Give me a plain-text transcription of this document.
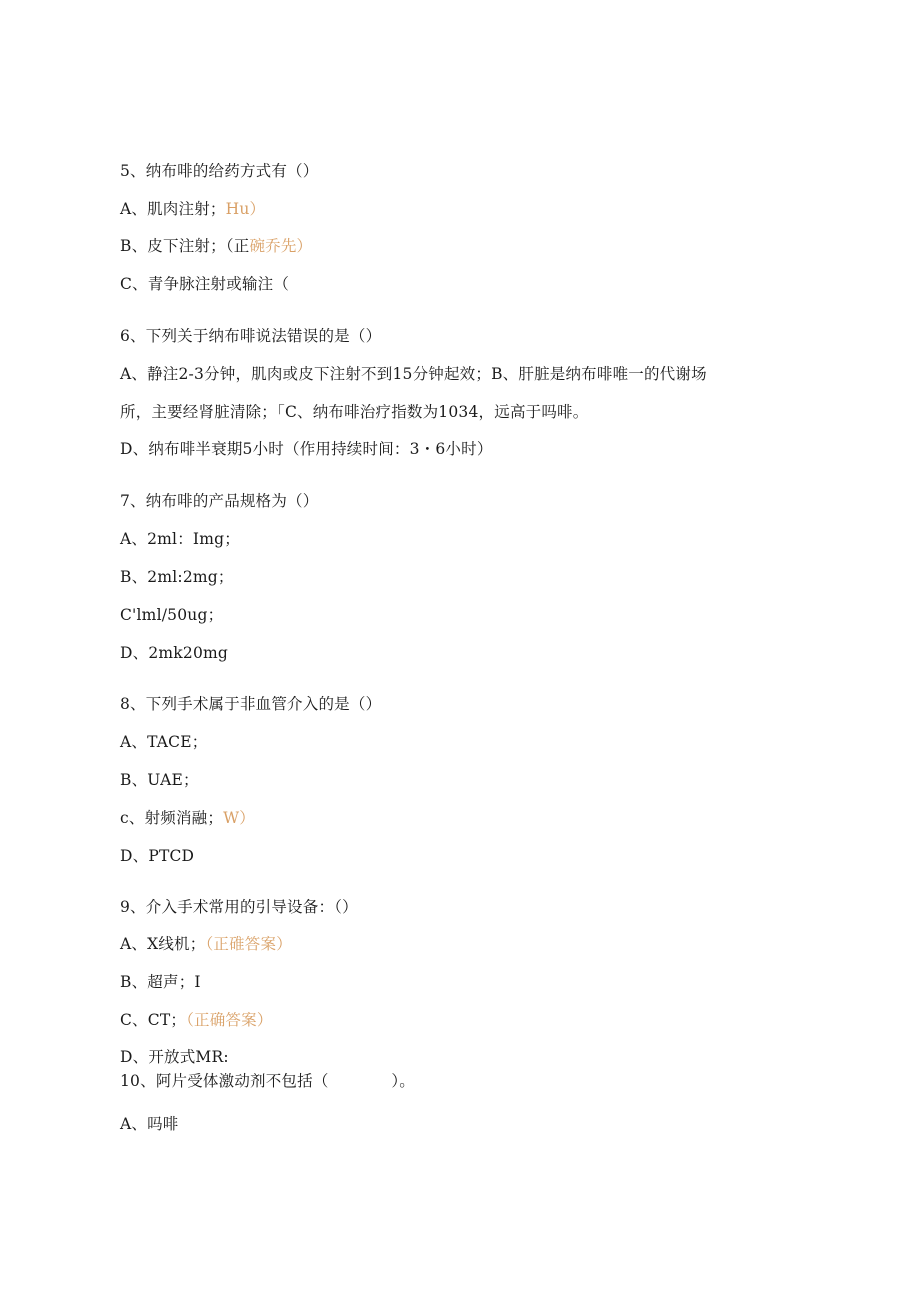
5、纳布啡的给药方式有（）
A、肌肉注射；Hu）
B、皮下注射；（正碗乔先）
C、青争脉注射或输注（
6、下列关于纳布啡说法错误的是（）
A、静注2-3分钟，肌肉或皮下注射不到15分钟起效；B、肝脏是纳布啡唯一的代谢场
所，主要经肾脏清除；「C、纳布啡治疗指数为1034，远高于吗啡。
D、纳布啡半衰期5小时（作用持续时间：3・6小时）
7、纳布啡的产品规格为（）
A、2ml：Img；
B、2ml:2mg；
C'lml/50ug；
D、2mk20mg
8、下列手术属于非血管介入的是（）
A、TACE；
B、UAE；
c、射频消融；W）
D、PTCD
9、介入手术常用的引导设备：（）
A、X线机；（正碓答案）
B、超声；I
C、CT；（正确答案）
D、开放式MR:
10、阿片受体激动剂不包括（　　　　）。
A、吗啡
